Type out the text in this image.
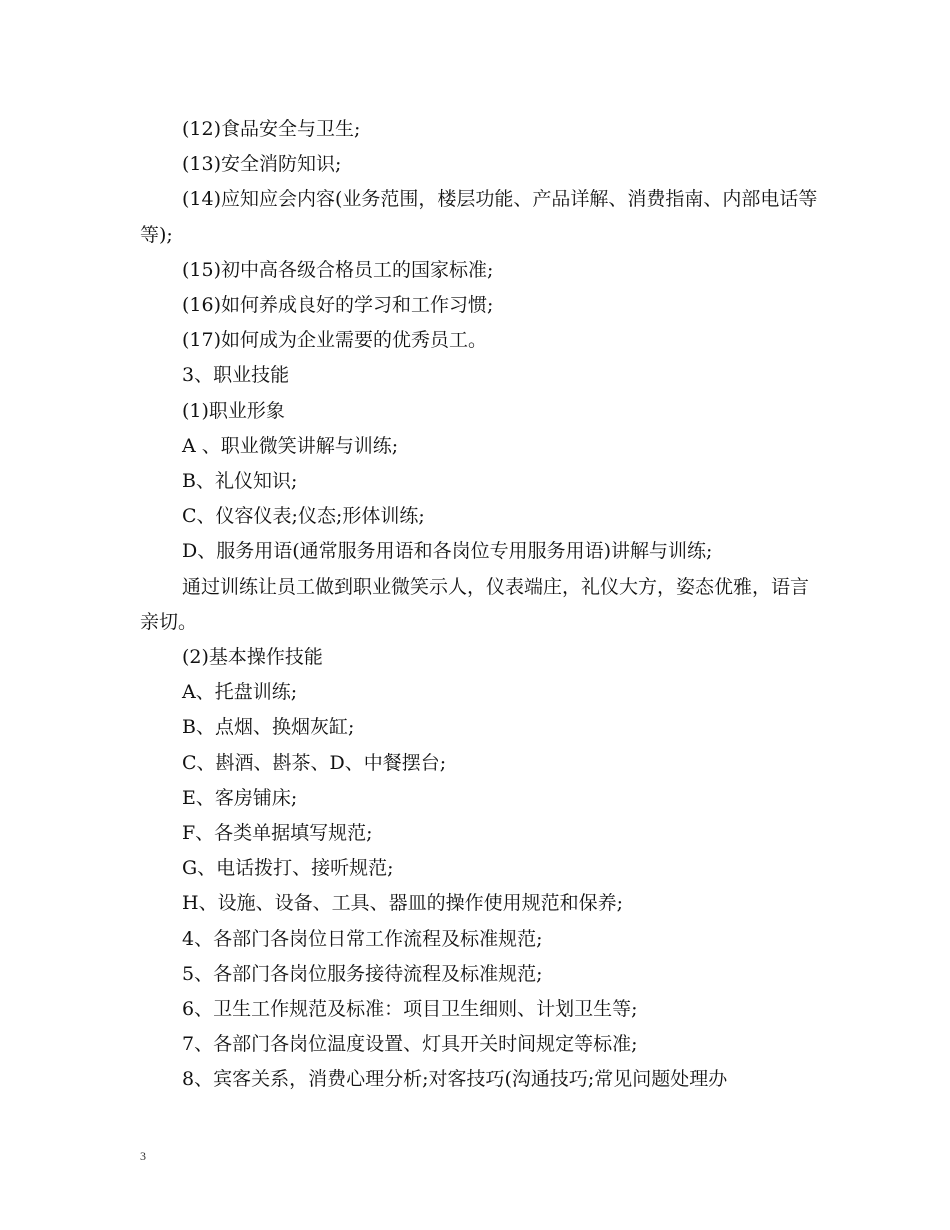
(12)食品安全与卫生;

(13)安全消防知识;

(14)应知应会内容(业务范围，楼层功能、产品详解、消费指南、内部电话等等);

(15)初中高各级合格员工的国家标准;

(16)如何养成良好的学习和工作习惯;

(17)如何成为企业需要的优秀员工。

3、职业技能

(1)职业形象

A 、职业微笑讲解与训练;

B、礼仪知识;

C、仪容仪表;仪态;形体训练;

D、服务用语(通常服务用语和各岗位专用服务用语)讲解与训练;

通过训练让员工做到职业微笑示人，仪表端庄，礼仪大方，姿态优雅，语言亲切。

(2)基本操作技能

A、托盘训练;

B、点烟、换烟灰缸;

C、斟酒、斟茶、D、中餐摆台;

E、客房铺床;

F、各类单据填写规范;

G、电话拨打、接听规范;

H、设施、设备、工具、器皿的操作使用规范和保养;

4、各部门各岗位日常工作流程及标准规范;

5、各部门各岗位服务接待流程及标准规范;

6、卫生工作规范及标准：项目卫生细则、计划卫生等;

7、各部门各岗位温度设置、灯具开关时间规定等标准;

8、宾客关系，消费心理分析;对客技巧(沟通技巧;常见问题处理办

3
